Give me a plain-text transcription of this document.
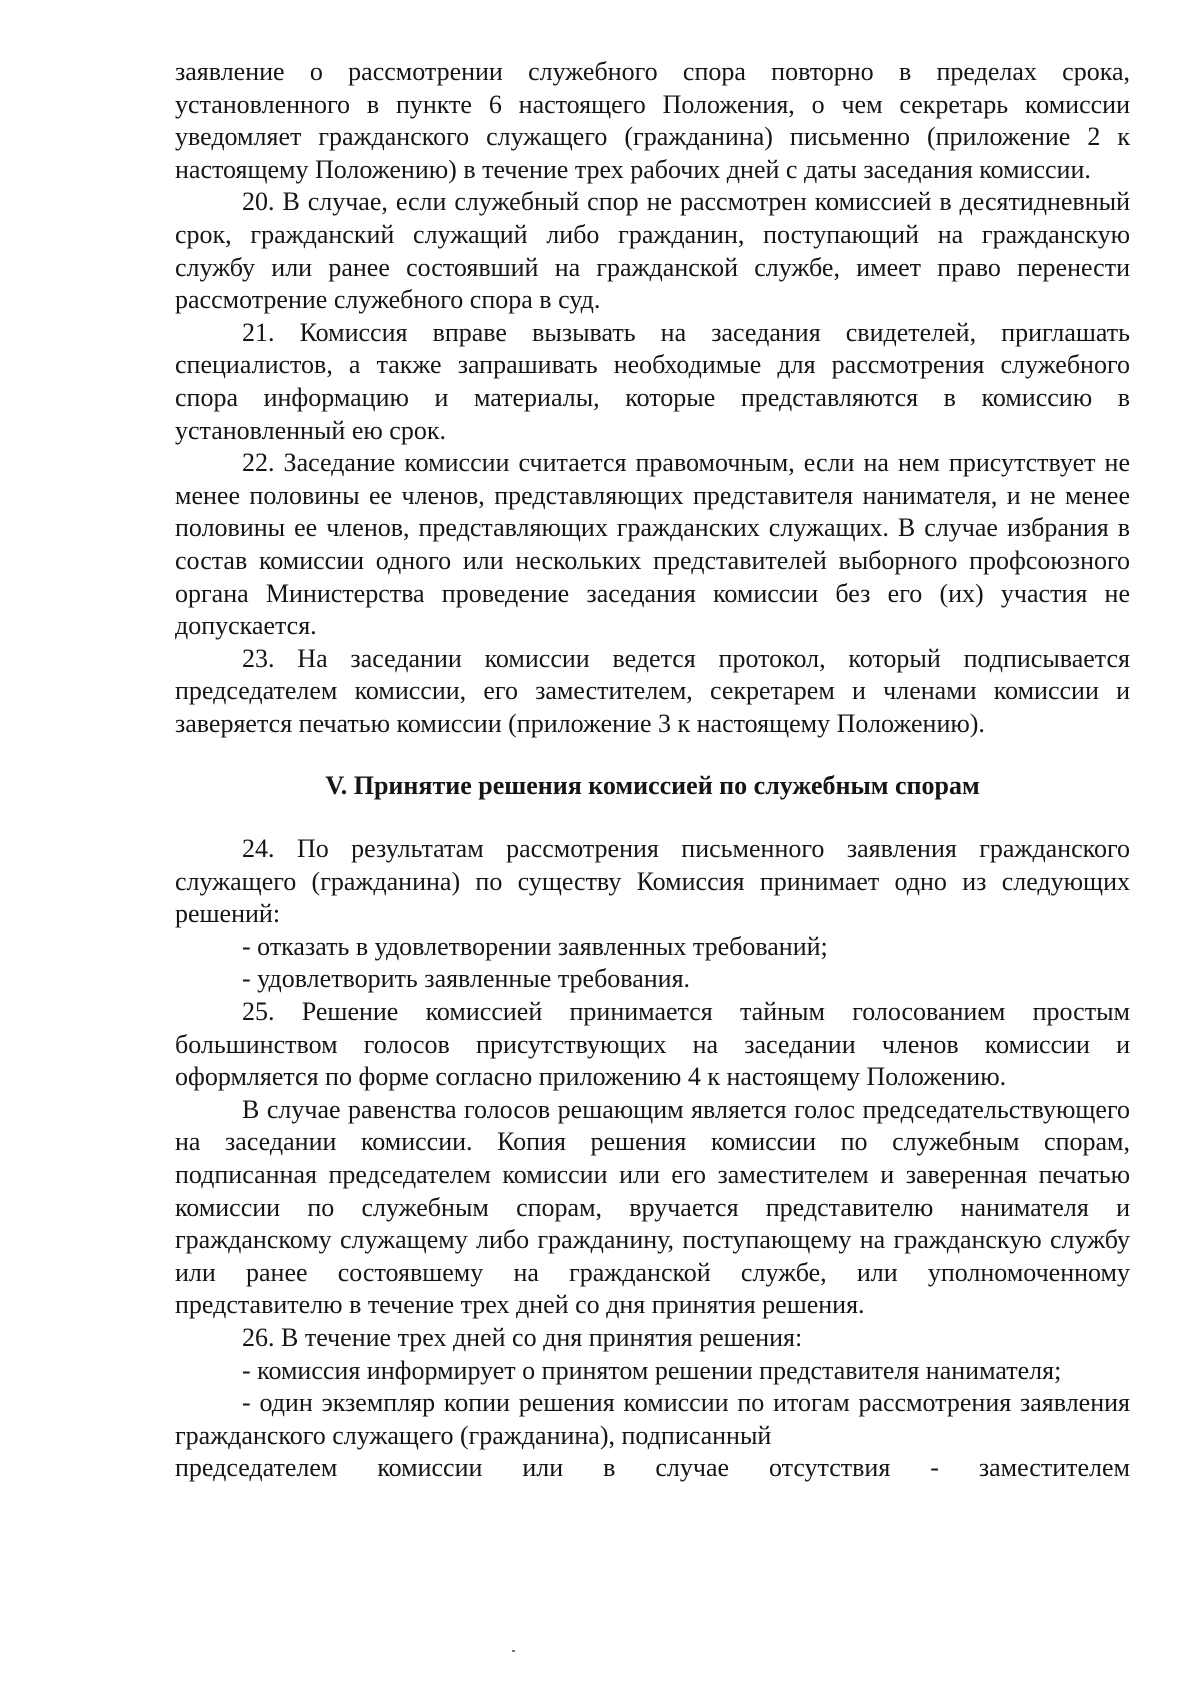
заявление о рассмотрении служебного спора повторно в пределах срока, установленного в пункте 6 настоящего Положения, о чем секретарь комиссии уведомляет гражданского служащего (гражданина) письменно (приложение 2 к настоящему Положению) в течение трех рабочих дней с даты заседания комиссии.

20. В случае, если служебный спор не рассмотрен комиссией в десятидневный срок, гражданский служащий либо гражданин, поступающий на гражданскую службу или ранее состоявший на гражданской службе, имеет право перенести рассмотрение служебного спора в суд.

21. Комиссия вправе вызывать на заседания свидетелей, приглашать специалистов, а также запрашивать необходимые для рассмотрения служебного спора информацию и материалы, которые представляются в комиссию в установленный ею срок.

22. Заседание комиссии считается правомочным, если на нем присутствует не менее половины ее членов, представляющих представителя нанимателя, и не менее половины ее членов, представляющих гражданских служащих. В случае избрания в состав комиссии одного или нескольких представителей выборного профсоюзного органа Министерства проведение заседания комиссии без его (их) участия не допускается.

23. На заседании комиссии ведется протокол, который подписывается председателем комиссии, его заместителем, секретарем и членами комиссии и заверяется печатью комиссии (приложение 3 к настоящему Положению).

V. Принятие решения комиссией по служебным спорам

24. По результатам рассмотрения письменного заявления гражданского служащего (гражданина) по существу Комиссия принимает одно из следующих решений:

- отказать в удовлетворении заявленных требований;

- удовлетворить заявленные требования.

25. Решение комиссией принимается тайным голосованием простым большинством голосов присутствующих на заседании членов комиссии и оформляется по форме согласно приложению 4 к настоящему Положению.

В случае равенства голосов решающим является голос председательствующего на заседании комиссии. Копия решения комиссии по служебным спорам, подписанная председателем комиссии или его заместителем и заверенная печатью комиссии по служебным спорам, вручается представителю нанимателя и гражданскому служащему либо гражданину, поступающему на гражданскую службу или ранее состоявшему на гражданской службе, или уполномоченному представителю в течение трех дней со дня принятия решения.

26. В течение трех дней со дня принятия решения:

- комиссия информирует о принятом решении представителя нанимателя;

- один экземпляр копии решения комиссии по итогам рассмотрения заявления гражданского служащего (гражданина), подписанный
председателем комиссии или в случае отсутствия - заместителем
